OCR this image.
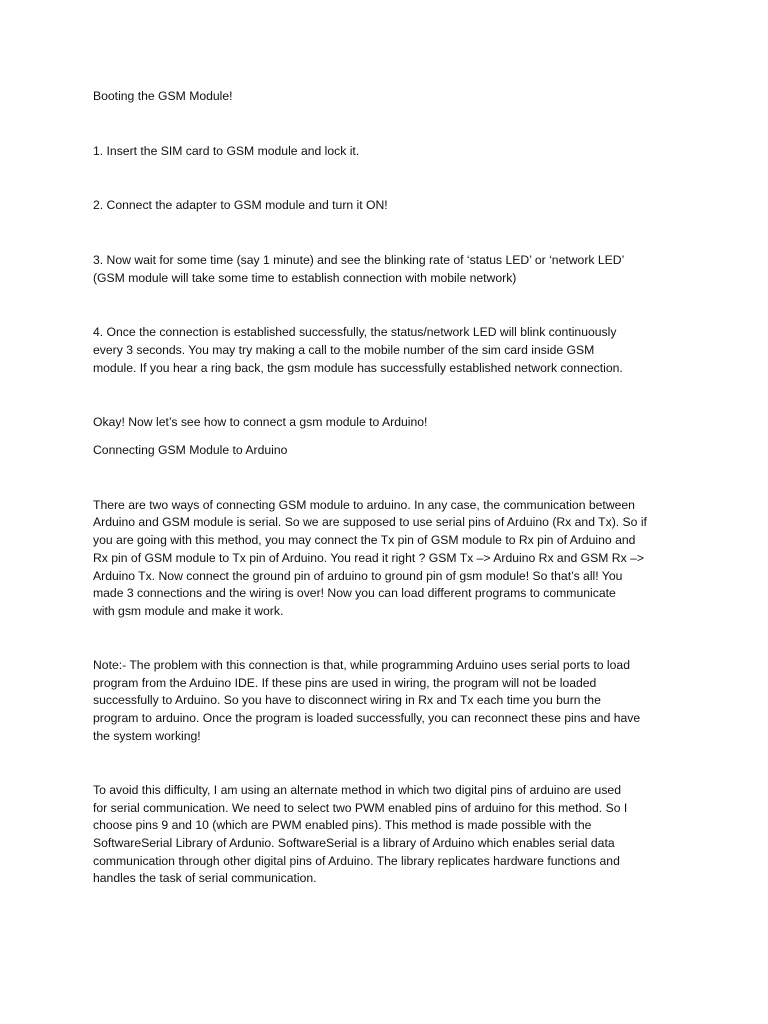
Booting the GSM Module!

1. Insert the SIM card to GSM module and lock it.

2. Connect the adapter to GSM module and turn it ON!

3. Now wait for some time (say 1 minute) and see the blinking rate of ‘status LED’ or ‘network LED’

(GSM module will take some time to establish connection with mobile network)

4. Once the connection is established successfully, the status/network LED will blink continuously

every 3 seconds. You may try making a call to the mobile number of the sim card inside GSM

module. If you hear a ring back, the gsm module has successfully established network connection.

Okay! Now let’s see how to connect a gsm module to Arduino!

Connecting GSM Module to Arduino

There are two ways of connecting GSM module to arduino. In any case, the communication between

Arduino and GSM module is serial. So we are supposed to use serial pins of Arduino (Rx and Tx). So if

you are going with this method, you may connect the Tx pin of GSM module to Rx pin of Arduino and

Rx pin of GSM module to Tx pin of Arduino. You read it right ? GSM Tx –> Arduino Rx and GSM Rx –>

Arduino Tx. Now connect the ground pin of arduino to ground pin of gsm module! So that’s all! You

made 3 connections and the wiring is over! Now you can load different programs to communicate

with gsm module and make it work.

Note:- The problem with this connection is that, while programming Arduino uses serial ports to load

program from the Arduino IDE. If these pins are used in wiring, the program will not be loaded

successfully to Arduino. So you have to disconnect wiring in Rx and Tx each time you burn the

program to arduino. Once the program is loaded successfully, you can reconnect these pins and have

the system working!

To avoid this difficulty, I am using an alternate method in which two digital pins of arduino are used

for serial communication. We need to select two PWM enabled pins of arduino for this method. So I

choose pins 9 and 10 (which are PWM enabled pins). This method is made possible with the

SoftwareSerial Library of Ardunio. SoftwareSerial is a library of Arduino which enables serial data

communication through other digital pins of Arduino. The library replicates hardware functions and

handles the task of serial communication.
